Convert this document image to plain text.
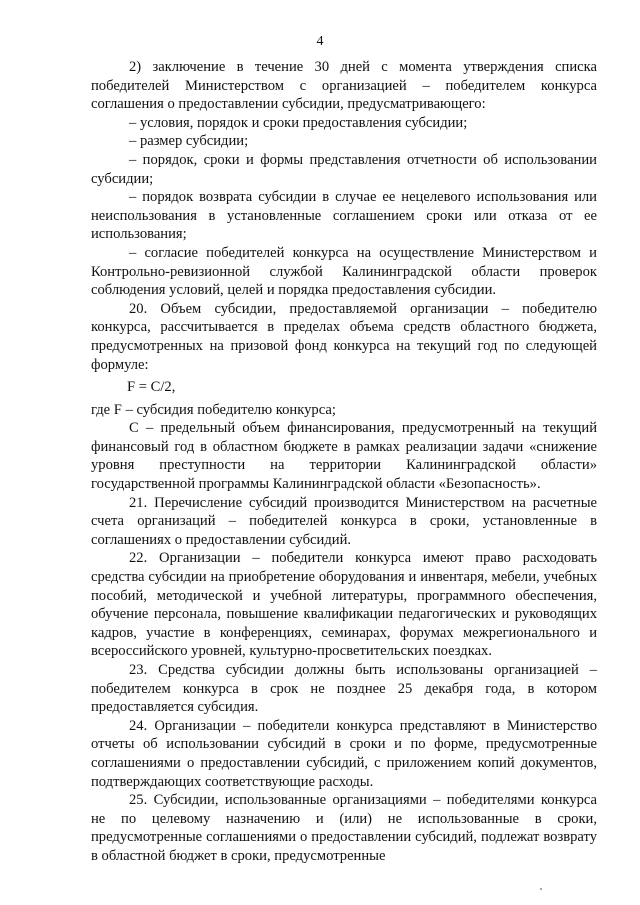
4

2) заключение в течение 30 дней с момента утверждения списка победителей Министерством с организацией – победителем конкурса соглашения о предоставлении субсидии, предусматривающего:

– условия, порядок и сроки предоставления субсидии;

– размер субсидии;

– порядок, сроки и формы представления отчетности об использовании субсидии;

– порядок возврата субсидии в случае ее нецелевого использования или неиспользования в установленные соглашением сроки или отказа от ее использования;

– согласие победителей конкурса на осуществление Министерством и Контрольно-ревизионной службой Калининградской области проверок соблюдения условий, целей и порядка предоставления субсидии.

20. Объем субсидии, предоставляемой организации – победителю конкурса, рассчитывается в пределах объема средств областного бюджета, предусмотренных на призовой фонд конкурса на текущий год по следующей формуле:

F = C/2,

где F – субсидия победителю конкурса;

C – предельный объем финансирования, предусмотренный на текущий финансовый год в областном бюджете в рамках реализации задачи «снижение уровня преступности на территории Калининградской области» государственной программы Калининградской области «Безопасность».

21. Перечисление субсидий производится Министерством на расчетные счета организаций – победителей конкурса в сроки, установленные в соглашениях о предоставлении субсидий.

22. Организации – победители конкурса имеют право расходовать средства субсидии на приобретение оборудования и инвентаря, мебели, учебных пособий, методической и учебной литературы, программного обеспечения, обучение персонала, повышение квалификации педагогических и руководящих кадров, участие в конференциях, семинарах, форумах межрегионального и всероссийского уровней, культурно-просветительских поездках.

23. Средства субсидии должны быть использованы организацией – победителем конкурса в срок не позднее 25 декабря года, в котором предоставляется субсидия.

24. Организации – победители конкурса представляют в Министерство отчеты об использовании субсидий в сроки и по форме, предусмотренные соглашениями о предоставлении субсидий, с приложением копий документов, подтверждающих соответствующие расходы.

25. Субсидии, использованные организациями – победителями конкурса не по целевому назначению и (или) не использованные в сроки, предусмотренные соглашениями о предоставлении субсидий, подлежат возврату в областной бюджет в сроки, предусмотренные
